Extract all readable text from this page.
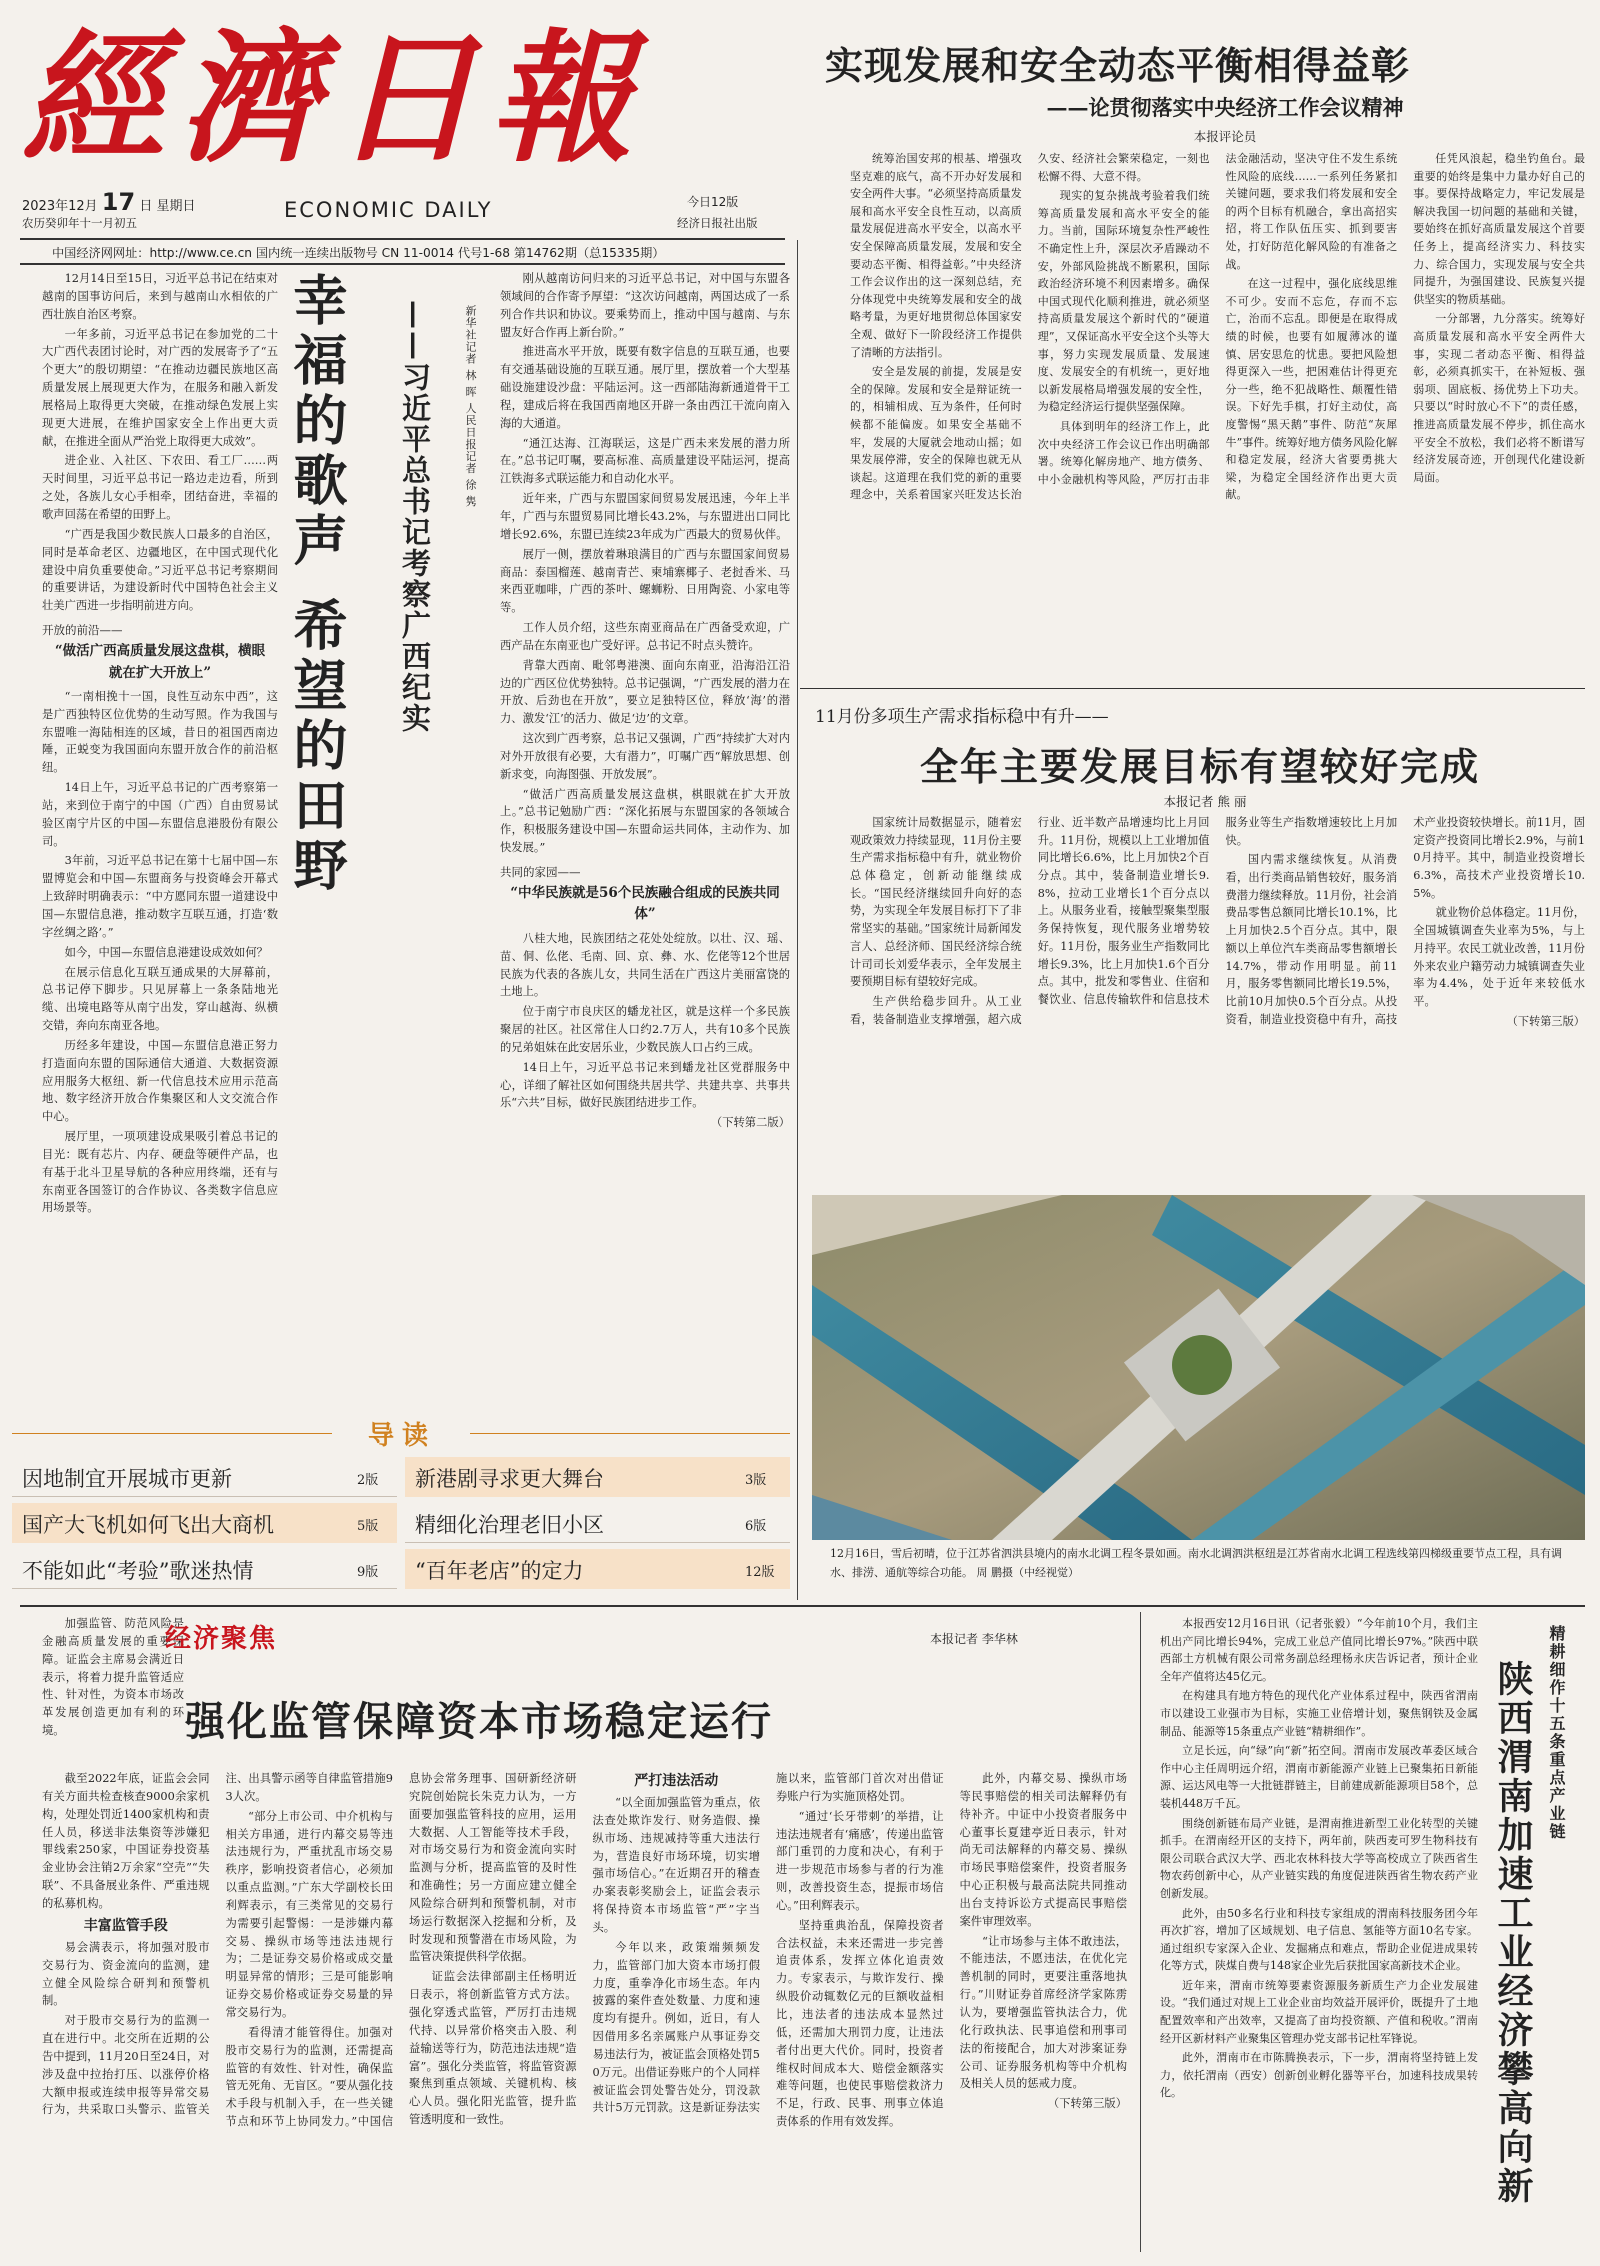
經濟日報
2023年12月 17 日 星期日
农历癸卯年十一月初五
ECONOMIC DAILY	今日12版
经济日报社出版
中国经济网网址：http://www.ce.cn 国内统一连续出版物号 CN 11-0014 代号1-68 第14762期（总15335期）
实现发展和安全动态平衡相得益彰
——论贯彻落实中央经济工作会议精神
本报评论员

统筹治国安邦的根基、增强攻坚克难的底气，高不开办好发展和安全两件大事。“必须坚持高质量发展和高水平安全良性互动，以高质量发展促进高水平安全，以高水平安全保障高质量发展，发展和安全要动态平衡、相得益彰。”中央经济工作会议作出的这一深刻总结，充分体现党中央统筹发展和安全的战略考量，为更好地贯彻总体国家安全观、做好下一阶段经济工作提供了清晰的方法指引。

安全是发展的前提，发展是安全的保障。发展和安全是辩证统一的，相辅相成、互为条件，任何时候都不能偏废。如果安全基础不牢，发展的大厦就会地动山摇；如果发展停滞，安全的保障也就无从谈起。这道理在我们党的新的重要理念中，关系着国家兴旺发达长治久安、经济社会繁荣稳定，一刻也松懈不得、大意不得。

现实的复杂挑战考验着我们统筹高质量发展和高水平安全的能力。当前，国际环境复杂性严峻性不确定性上升，深层次矛盾躁动不安，外部风险挑战不断累积，国际政治经济环境不利因素增多。确保中国式现代化顺利推进，就必须坚持高质量发展这个新时代的“硬道理”，又保证高水平安全这个头等大事，努力实现发展质量、发展速度、发展安全的有机统一，更好地以新发展格局增强发展的安全性，为稳定经济运行提供坚强保障。

具体到明年的经济工作上，此次中央经济工作会议已作出明确部署。统筹化解房地产、地方债务、中小金融机构等风险，严厉打击非法金融活动，坚决守住不发生系统性风险的底线……一系列任务紧扣关键问题，要求我们将发展和安全的两个目标有机融合，拿出高招实招，将工作队伍压实、抓到要害处，打好防范化解风险的有准备之战。

在这一过程中，强化底线思维不可少。安而不忘危，存而不忘亡，治而不忘乱。即便是在取得成绩的时候，也要有如履薄冰的谨慎、居安思危的忧患。要把风险想得更深入一些，把困难估计得更充分一些，绝不犯战略性、颠覆性错误。下好先手棋，打好主动仗，高度警惕“黑天鹅”事件、防范“灰犀牛”事件。统筹好地方债务风险化解和稳定发展，经济大省要勇挑大梁，为稳定全国经济作出更大贡献。

任凭风浪起，稳坐钓鱼台。最重要的始终是集中力量办好自己的事。要保持战略定力，牢记发展是解决我国一切问题的基础和关键，要始终在抓好高质量发展这个首要任务上，提高经济实力、科技实力、综合国力，实现发展与安全共同提升，为强国建设、民族复兴提供坚实的物质基础。

一分部署，九分落实。统筹好高质量发展和高水平安全两件大事，实现二者动态平衡、相得益彰，必须真抓实干，在补短板、强弱项、固底板、扬优势上下功夫。只要以“时时放心不下”的责任感，推进高质量发展不停步，抓住高水平安全不放松，我们必将不断谱写经济发展奇迹，开创现代化建设新局面。

11月份多项生产需求指标稳中有升——
全年主要发展目标有望较好完成
本报记者 熊 丽

国家统计局数据显示，随着宏观政策效力持续显现，11月份主要生产需求指标稳中有升，就业物价总体稳定，创新动能继续成长。“国民经济继续回升向好的态势，为实现全年发展目标打下了非常坚实的基础。”国家统计局新闻发言人、总经济师、国民经济综合统计司司长刘爱华表示，全年发展主要预期目标有望较好完成。

生产供给稳步回升。从工业看，装备制造业支撑增强，超六成行业、近半数产品增速均比上月回升。11月份，规模以上工业增加值同比增长6.6%，比上月加快2个百分点。其中，装备制造业增长9.8%，拉动工业增长1个百分点以上。从服务业看，接触型聚集型服务保持恢复，现代服务业增势较好。11月份，服务业生产指数同比增长9.3%，比上月加快1.6个百分点。其中，批发和零售业、住宿和餐饮业、信息传输软件和信息技术服务业等生产指数增速较比上月加快。

国内需求继续恢复。从消费看，出行类商品销售较好，服务消费潜力继续释放。11月份，社会消费品零售总额同比增长10.1%，比上月加快2.5个百分点。其中，限额以上单位汽车类商品零售额增长14.7%，带动作用明显。前11月，服务零售额同比增长19.5%，比前10月加快0.5个百分点。从投资看，制造业投资稳中有升，高技术产业投资较快增长。前11月，固定资产投资同比增长2.9%，与前10月持平。其中，制造业投资增长6.3%，高技术产业投资增长10.5%。

就业物价总体稳定。11月份，全国城镇调查失业率为5%，与上月持平。农民工就业改善，11月份外来农业户籍劳动力城镇调查失业率为4.4%，处于近年来较低水平。

（下转第三版）

12月16日，雪后初晴，位于江苏省泗洪县境内的南水北调工程冬景如画。南水北调泗洪枢纽是江苏省南水北调工程选线第四梯级重要节点工程，具有调水、排涝、通航等综合功能。 周 鹏摄（中经视觉）
幸福的歌声 希望的田野 ——习近平总书记考察广西纪实	新华社记者 林 晖 人民日报记者 徐 隽

12月14日至15日，习近平总书记在结束对越南的国事访问后，来到与越南山水相依的广西壮族自治区考察。

一年多前，习近平总书记在参加党的二十大广西代表团讨论时，对广西的发展寄予了“五个更大”的殷切期望：“在推动边疆民族地区高质量发展上展现更大作为，在服务和融入新发展格局上取得更大突破，在推动绿色发展上实现更大进展，在维护国家安全上作出更大贡献，在推进全面从严治党上取得更大成效”。

进企业、入社区、下农田、看工厂……两天时间里，习近平总书记一路边走边看，所到之处，各族儿女心手相牵，团结奋进，幸福的歌声回荡在希望的田野上。

“广西是我国少数民族人口最多的自治区，同时是革命老区、边疆地区，在中国式现代化建设中肩负重要使命。”习近平总书记考察期间的重要讲话，为建设新时代中国特色社会主义壮美广西进一步指明前进方向。

开放的前沿——

“做活广西高质量发展这盘棋，横眼就在扩大开放上”

“一南相挽十一国，良性互动东中西”，这是广西独特区位优势的生动写照。作为我国与东盟唯一海陆相连的区域，昔日的祖国西南边陲，正蜕变为我国面向东盟开放合作的前沿枢纽。

14日上午，习近平总书记的广西考察第一站，来到位于南宁的中国（广西）自由贸易试验区南宁片区的中国—东盟信息港股份有限公司。

3年前，习近平总书记在第十七届中国—东盟博览会和中国—东盟商务与投资峰会开幕式上致辞时明确表示：“中方愿同东盟一道建设中国—东盟信息港，推动数字互联互通，打造‘数字丝绸之路’。”

如今，中国—东盟信息港建设成效如何？

在展示信息化互联互通成果的大屏幕前，总书记停下脚步。只见屏幕上一条条陆地光缆、出境电路等从南宁出发，穿山越海、纵横交错，奔向东南亚各地。

历经多年建设，中国—东盟信息港正努力打造面向东盟的国际通信大通道、大数据资源应用服务大枢纽、新一代信息技术应用示范高地、数字经济开放合作集聚区和人文交流合作中心。

展厅里，一项项建设成果吸引着总书记的目光：既有芯片、内存、硬盘等硬件产品，也有基于北斗卫星导航的各种应用终端，还有与东南亚各国签订的合作协议、各类数字信息应用场景等。

刚从越南访问归来的习近平总书记，对中国与东盟各领域间的合作寄予厚望：“这次访问越南，两国达成了一系列合作共识和协议。要乘势而上，推动中国与越南、与东盟友好合作再上新台阶。”

推进高水平开放，既要有数字信息的互联互通，也要有交通基础设施的互联互通。展厅里，摆放着一个大型基础设施建设沙盘：平陆运河。这一西部陆海新通道骨干工程，建成后将在我国西南地区开辟一条由西江干流向南入海的大通道。

“通江达海、江海联运，这是广西未来发展的潜力所在。”总书记叮嘱，要高标准、高质量建设平陆运河，提高江铁海多式联运能力和自动化水平。

近年来，广西与东盟国家间贸易发展迅速，今年上半年，广西与东盟贸易同比增长43.2%，与东盟进出口同比增长92.6%，东盟已连续23年成为广西最大的贸易伙伴。

展厅一侧，摆放着琳琅满目的广西与东盟国家间贸易商品：泰国榴莲、越南青芒、柬埔寨椰子、老挝香米、马来西亚咖啡，广西的茶叶、螺蛳粉、日用陶瓷、小家电等等。

工作人员介绍，这些东南亚商品在广西备受欢迎，广西产品在东南亚也广受好评。总书记不时点头赞许。

背靠大西南、毗邻粤港澳、面向东南亚，沿海沿江沿边的广西区位优势独特。总书记强调，“广西发展的潜力在开放、后劲也在开放”，要立足独特区位，释放‘海’的潜力、激发‘江’的活力、做足‘边’的文章。

这次到广西考察，总书记又强调，广西“持续扩大对内对外开放很有必要，大有潜力”，叮嘱广西“解放思想、创新求变，向海图强、开放发展”。

“做活广西高质量发展这盘棋，棋眼就在扩大开放上。”总书记勉励广西：“深化拓展与东盟国家的各领域合作，积极服务建设中国—东盟命运共同体，主动作为、加快发展。”

共同的家园——

“中华民族就是56个民族融合组成的民族共同体”

八桂大地，民族团结之花处处绽放。以壮、汉、瑶、苗、侗、仫佬、毛南、回、京、彝、水、仡佬等12个世居民族为代表的各族儿女，共同生活在广西这片美丽富饶的土地上。

位于南宁市良庆区的蟠龙社区，就是这样一个多民族聚居的社区。社区常住人口约2.7万人，共有10多个民族的兄弟姐妹在此安居乐业，少数民族人口占约三成。

14日上午，习近平总书记来到蟠龙社区党群服务中心，详细了解社区如何围绕共居共学、共建共享、共事共乐“六共”目标，做好民族团结进步工作。

（下转第二版）

导读
因地制宜开展城市更新	2版 新港剧寻求更大舞台	3版
国产大飞机如何飞出大商机	5版 精细化治理老旧小区	6版
不能如此“考验”歌迷热情	9版 “百年老店”的定力	12版

加强监管、防范风险是金融高质量发展的重要保障。证监会主席易会满近日表示，将着力提升监管适应性、针对性，为资本市场改革发展创造更加有利的环境。

经济聚焦	本报记者 李华林
强化监管保障资本市场稳定运行

截至2022年底，证监会会同有关方面共检查核查9000余家机构，处理处罚近1400家机构和责任人员，移送非法集资等涉嫌犯罪线索250家，中国证券投资基金业协会注销2万余家“空壳”“失联”、不具备展业条件、严重违规的私募机构。

丰富监管手段

易会满表示，将加强对股市交易行为、资金流向的监测，建立健全风险综合研判和预警机制。

对于股市交易行为的监测一直在进行中。北交所在近期的公告中提到，11月20日至24日，对涉及盘中拉抬打压、以涨停价格大额申报或连续申报等异常交易行为，共采取口头警示、监管关注、出具警示函等自律监管措施93人次。

“部分上市公司、中介机构与相关方串通，进行内幕交易等违法违规行为，严重扰乱市场交易秩序，影响投资者信心，必须加以重点监测。”广东大学副校长田利辉表示，有三类常见的交易行为需要引起警惕：一是涉嫌内幕交易、操纵市场等违法违规行为；二是证券交易价格或成交量明显异常的情形；三是可能影响证券交易价格或证券交易量的异常交易行为。

看得清才能管得住。加强对股市交易行为的监测，还需提高监管的有效性、针对性，确保监管无死角、无盲区。“要从强化技术手段与机制入手，在一些关键节点和环节上协同发力。”中国信息协会常务理事、国研新经济研究院创始院长朱克力认为，一方面要加强监管科技的应用，运用大数据、人工智能等技术手段，对市场交易行为和资金流向实时监测与分析，提高监管的及时性和准确性；另一方面应建立健全风险综合研判和预警机制，对市场运行数据深入挖掘和分析，及时发现和预警潜在市场风险，为监管决策提供科学依据。

证监会法律部副主任杨明近日表示，将创新监管方式方法。强化穿透式监管，严厉打击违规代持、以异常价格突击入股、利益输送等行为，防范违法违规“造富”。强化分类监管，将监管资源聚焦到重点领域、关键机构、核心人员。强化阳光监管，提升监管透明度和一致性。

严打违法活动

“以全面加强监管为重点，依法查处欺诈发行、财务造假、操纵市场、违规减持等重大违法行为，营造良好市场环境，切实增强市场信心。”在近期召开的稽查办案表彰奖励会上，证监会表示将保持资本市场监管“严”字当头。

今年以来，政策端频频发力，监管部门加大资本市场打假力度，重拳净化市场生态。年内披露的案件查处数量、力度和速度均有提升。例如，近日，有人因借用多名亲属账户从事证券交易违法行为，被证监会顶格处罚50万元。出借证券账户的个人同样被证监会罚处警告处分，罚没款共计5万元罚款。这是新证券法实施以来，监管部门首次对出借证券账户行为实施顶格处罚。

“通过‘长牙带刺’的举措，让违法违规者有‘痛感’，传递出监管部门重罚的力度和决心，有利于进一步规范市场参与者的行为准则，改善投资生态，提振市场信心。”田利辉表示。

坚持重典治乱，保障投资者合法权益，未来还需进一步完善追责体系，发挥立体化追责效力。专家表示，与欺诈发行、操纵股价动辄数亿元的巨额收益相比，违法者的违法成本显然过低，还需加大刑罚力度，让违法者付出更大代价。同时，投资者维权时间成本大、赔偿金额落实难等问题，也使民事赔偿救济力不足，行政、民事、刑事立体追责体系的作用有效发挥。

此外，内幕交易、操纵市场等民事赔偿的相关司法解释仍有待补齐。中证中小投资者服务中心董事长夏建亭近日表示，针对尚无司法解释的内幕交易、操纵市场民事赔偿案件，投资者服务中心正积极与最高法院共同推动出台支持诉讼方式提高民事赔偿案件审理效率。

“让市场参与主体不敢违法，不能违法，不愿违法，在优化完善机制的同时，更要注重落地执行。”川财证券首席经济学家陈雳认为，要增强监管执法合力，优化行政执法、民事追偿和刑事司法的衔接配合，加大对涉案证券公司、证券服务机构等中介机构及相关人员的惩戒力度。

（下转第三版）

精耕细作十五条重点产业链
陕西渭南加速工业经济攀高向新

本报西安12月16日讯（记者张毅）“今年前10个月，我们主机出产同比增长94%，完成工业总产值同比增长97%。”陕西中联西部土方机械有限公司常务副总经理杨永庆告诉记者，预计企业全年产值将达45亿元。

在构建具有地方特色的现代化产业体系过程中，陕西省渭南市以建设工业强市为目标，实施工业倍增计划，聚焦钢铁及金属制品、能源等15条重点产业链“精耕细作”。

立足长远，向“绿”向“新”拓空间。渭南市发展改革委区域合作中心主任周明远介绍，渭南市新能源产业链上已聚集拓日新能源、运达风电等一大批链群链主，目前建成新能源项目58个，总装机448万千瓦。

围绕创新链布局产业链，是渭南推进新型工业化转型的关键抓手。在渭南经开区的支持下，两年前，陕西麦可罗生物科技有限公司联合武汉大学、西北农林科技大学等高校成立了陕西省生物农药创新中心，从产业链实践的角度促进陕西省生物农药产业创新发展。

此外，由50多名行业和科技专家组成的渭南科技服务团今年再次扩容，增加了区域规划、电子信息、氢能等方面10名专家。通过组织专家深入企业、发掘痛点和难点，帮助企业促进成果转化等方式，陕煤自费与148家企业先后获批国家高新技术企业。

近年来，渭南市统筹要素资源服务新质生产力企业发展建设。“我们通过对规上工业企业亩均效益开展评价，既提升了土地配置效率和产出效率，又提高了亩均投资额、产值和税收。”渭南经开区新材料产业聚集区管理办党支部书记杜军锋说。

此外，渭南市在市陈腾换表示，下一步，渭南将坚持链上发力，依托渭南（西安）创新创业孵化器等平台，加速科技成果转化。
